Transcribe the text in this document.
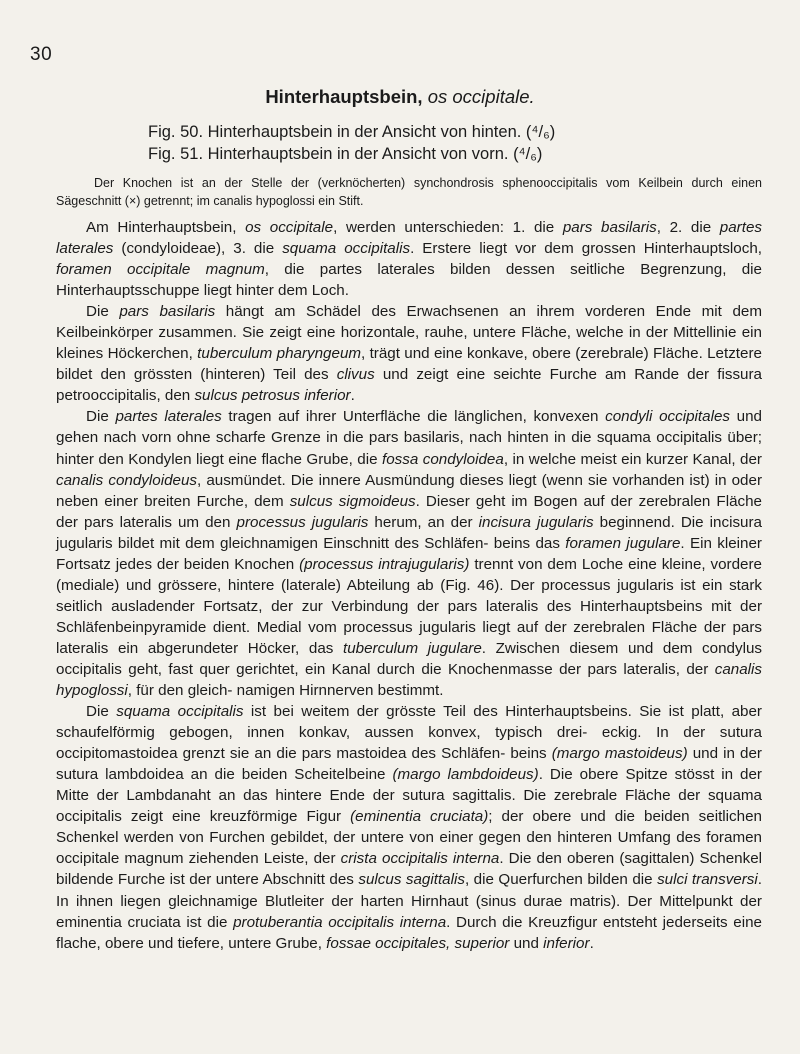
30
Hinterhauptsbein, os occipitale.
Fig. 50. Hinterhauptsbein in der Ansicht von hinten. (⁴/₆)
Fig. 51. Hinterhauptsbein in der Ansicht von vorn. (⁴/₆)
Der Knochen ist an der Stelle der (verknöcherten) synchondrosis sphenooccipitalis vom Keilbein durch einen Sägeschnitt (×) getrennt; im canalis hypoglossi ein Stift.

Am Hinterhauptsbein, os occipitale, werden unterschieden: 1. die pars basilaris, 2. die partes laterales (condyloideae), 3. die squama occipitalis. Erstere liegt vor dem grossen Hinterhauptsloch, foramen occipitale magnum, die partes laterales bilden dessen seitliche Begrenzung, die Hinterhauptsschuppe liegt hinter dem Loch.

Die pars basilaris hängt am Schädel des Erwachsenen an ihrem vorderen Ende mit dem Keilbeinkörper zusammen. Sie zeigt eine horizontale, rauhe, untere Fläche, welche in der Mittellinie ein kleines Höckerchen, tuberculum pharyngeum, trägt und eine konkave, obere (zerebrale) Fläche. Letztere bildet den grössten (hinteren) Teil des clivus und zeigt eine seichte Furche am Rande der fissura petrooccipitalis, den sulcus petrosus inferior.

Die partes laterales tragen auf ihrer Unterfläche die länglichen, konvexen condyli occipitales und gehen nach vorn ohne scharfe Grenze in die pars basilaris, nach hinten in die squama occipitalis über; hinter den Kondylen liegt eine flache Grube, die fossa condyloidea, in welche meist ein kurzer Kanal, der canalis condyloideus, ausmündet. Die innere Ausmündung dieses liegt (wenn sie vorhanden ist) in oder neben einer breiten Furche, dem sulcus sigmoideus. Dieser geht im Bogen auf der zerebralen Fläche der pars lateralis um den processus jugularis herum, an der incisura jugularis beginnend. Die incisura jugularis bildet mit dem gleichnamigen Einschnitt des Schläfen- beins das foramen jugulare. Ein kleiner Fortsatz jedes der beiden Knochen (processus intrajugularis) trennt von dem Loche eine kleine, vordere (mediale) und grössere, hintere (laterale) Abteilung ab (Fig. 46). Der processus jugularis ist ein stark seitlich ausladender Fortsatz, der zur Verbindung der pars lateralis des Hinterhauptsbeins mit der Schläfenbeinpyramide dient. Medial vom processus jugularis liegt auf der zerebralen Fläche der pars lateralis ein abgerundeter Höcker, das tuberculum jugulare. Zwischen diesem und dem condylus occipitalis geht, fast quer gerichtet, ein Kanal durch die Knochenmasse der pars lateralis, der canalis hypoglossi, für den gleich- namigen Hirnnerven bestimmt.

Die squama occipitalis ist bei weitem der grösste Teil des Hinterhauptsbeins. Sie ist platt, aber schaufelförmig gebogen, innen konkav, aussen konvex, typisch drei- eckig. In der sutura occipitomastoidea grenzt sie an die pars mastoidea des Schläfen- beins (margo mastoideus) und in der sutura lambdoidea an die beiden Scheitelbeine (margo lambdoideus). Die obere Spitze stösst in der Mitte der Lambdanaht an das hintere Ende der sutura sagittalis. Die zerebrale Fläche der squama occipitalis zeigt eine kreuzförmige Figur (eminentia cruciata); der obere und die beiden seitlichen Schenkel werden von Furchen gebildet, der untere von einer gegen den hinteren Umfang des foramen occipitale magnum ziehenden Leiste, der crista occipitalis interna. Die den oberen (sagittalen) Schenkel bildende Furche ist der untere Abschnitt des sulcus sagittalis, die Querfurchen bilden die sulci transversi. In ihnen liegen gleichnamige Blutleiter der harten Hirnhaut (sinus durae matris). Der Mittelpunkt der eminentia cruciata ist die protuberantia occipitalis interna. Durch die Kreuzfigur entsteht jederseits eine flache, obere und tiefere, untere Grube, fossae occipitales, superior und inferior.
